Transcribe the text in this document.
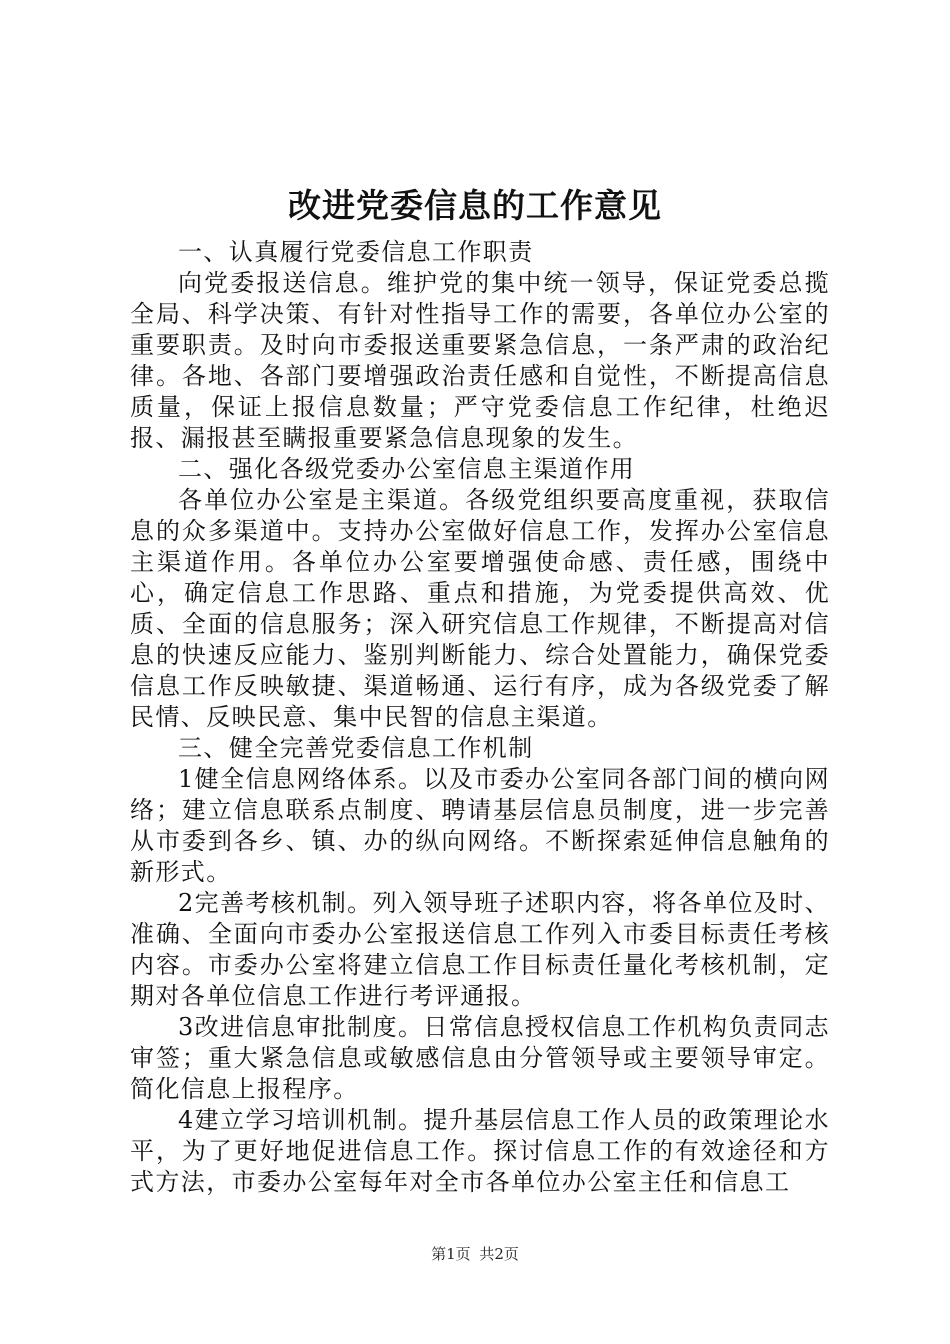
改进党委信息的工作意见

一、认真履行党委信息工作职责

向党委报送信息。维护党的集中统一领导，保证党委总揽全局、科学决策、有针对性指导工作的需要，各单位办公室的重要职责。及时向市委报送重要紧急信息，一条严肃的政治纪律。各地、各部门要增强政治责任感和自觉性，不断提高信息质量，保证上报信息数量；严守党委信息工作纪律，杜绝迟报、漏报甚至瞒报重要紧急信息现象的发生。

二、强化各级党委办公室信息主渠道作用

各单位办公室是主渠道。各级党组织要高度重视，获取信息的众多渠道中。支持办公室做好信息工作，发挥办公室信息主渠道作用。各单位办公室要增强使命感、责任感，围绕中心，确定信息工作思路、重点和措施，为党委提供高效、优质、全面的信息服务；深入研究信息工作规律，不断提高对信息的快速反应能力、鉴别判断能力、综合处置能力，确保党委信息工作反映敏捷、渠道畅通、运行有序，成为各级党委了解民情、反映民意、集中民智的信息主渠道。

三、健全完善党委信息工作机制

1健全信息网络体系。以及市委办公室同各部门间的横向网络；建立信息联系点制度、聘请基层信息员制度，进一步完善从市委到各乡、镇、办的纵向网络。不断探索延伸信息触角的新形式。

2完善考核机制。列入领导班子述职内容，将各单位及时、准确、全面向市委办公室报送信息工作列入市委目标责任考核内容。市委办公室将建立信息工作目标责任量化考核机制，定期对各单位信息工作进行考评通报。

3改进信息审批制度。日常信息授权信息工作机构负责同志审签；重大紧急信息或敏感信息由分管领导或主要领导审定。简化信息上报程序。

4建立学习培训机制。提升基层信息工作人员的政策理论水平，为了更好地促进信息工作。探讨信息工作的有效途径和方式方法，市委办公室每年对全市各单位办公室主任和信息工

第1页 共2页
